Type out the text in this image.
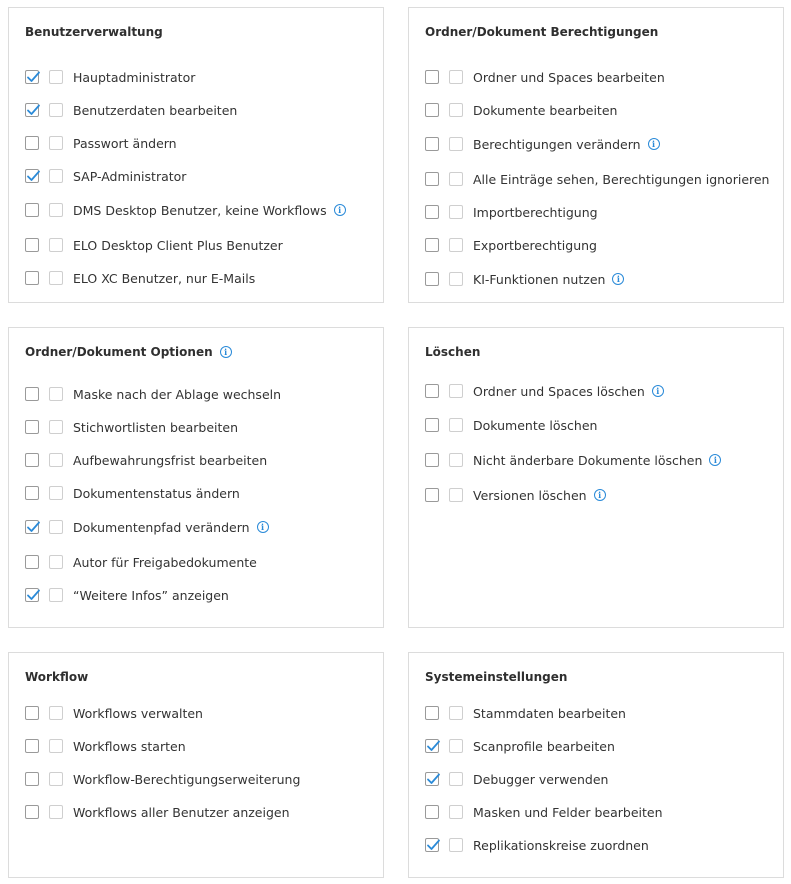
Benutzerverwaltung
Hauptadministrator
Benutzerdaten bearbeiten
Passwort ändern
SAP-Administrator
DMS Desktop Benutzer, keine Workflows	i
ELO Desktop Client Plus Benutzer
ELO XC Benutzer, nur E-Mails
Ordner/Dokument Berechtigungen
Ordner und Spaces bearbeiten
Dokumente bearbeiten
Berechtigungen verändern	i
Alle Einträge sehen, Berechtigungen ignorieren
Importberechtigung
Exportberechtigung
KI-Funktionen nutzen	i
Ordner/Dokument Optionen	i
Maske nach der Ablage wechseln
Stichwortlisten bearbeiten
Aufbewahrungsfrist bearbeiten
Dokumentenstatus ändern
Dokumentenpfad verändern	i
Autor für Freigabedokumente
“Weitere Infos” anzeigen
Löschen
Ordner und Spaces löschen	i
Dokumente löschen
Nicht änderbare Dokumente löschen	i
Versionen löschen	i
Workflow
Workflows verwalten
Workflows starten
Workflow-Berechtigungserweiterung
Workflows aller Benutzer anzeigen
Systemeinstellungen
Stammdaten bearbeiten
Scanprofile bearbeiten
Debugger verwenden
Masken und Felder bearbeiten
Replikationskreise zuordnen
